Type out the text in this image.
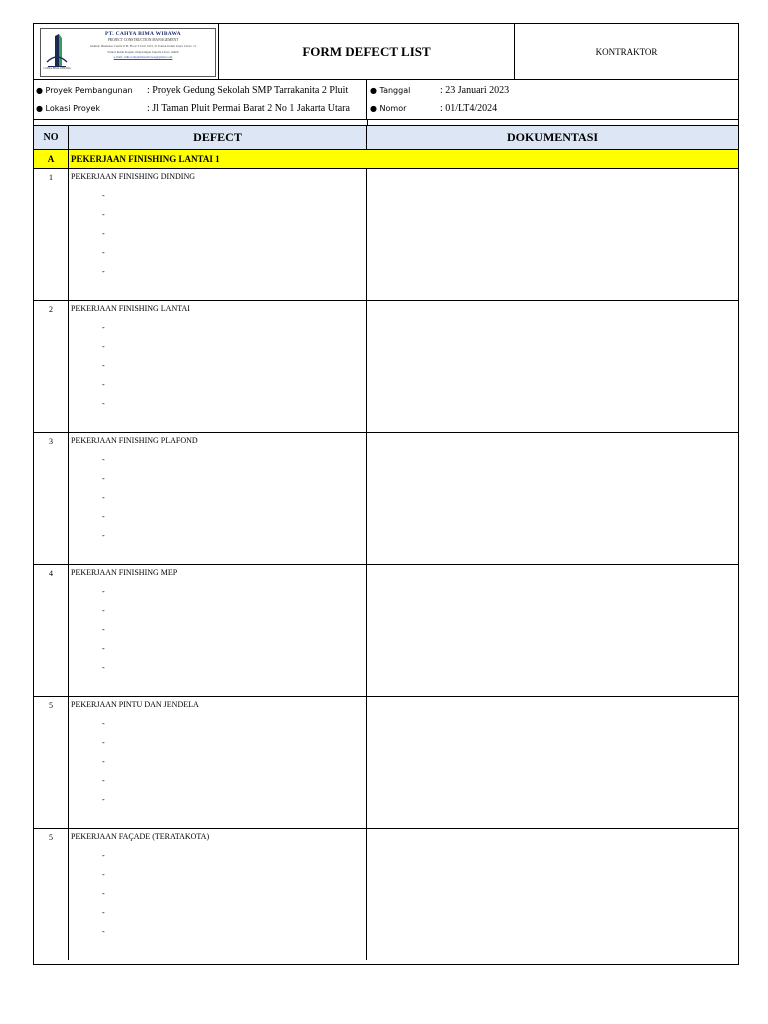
CAHYA BIMA WIBAWA
PT. CAHYA BIMA WIBAWA
PROJECT CONSTRUCTION MANAGEMENT
Alamat: Business Centre 6 B, Floor 3 Unit 3-03, Jl. Pantai Indah Utara 2 Kav. 11
Pantai Indah Kapuk, Penjaringan Jakarta Utara 14460
e-mail: ridhocahyabimawibawa@gmail.com	FORM DEFECT LIST	KONTRAKTOR
● Proyek Pembangunan : Proyek Gedung Sekolah SMP Tarrakanita 2 Pluit
● Lokasi Proyek	: Jl Taman Pluit Permai Barat 2 No 1 Jakarta Utara
● Tanggal	: 23 Januari 2023
● Nomor	: 01/LT4/2024
NO	DEFECT	DOKUMENTASI
A	PEKERJAAN FINISHING LANTAI 1
1	PEKERJAAN FINISHING DINDING
-
-
-
-
-
2	PEKERJAAN FINISHING LANTAI
-
-
-
-
-
3	PEKERJAAN FINISHING PLAFOND
-
-
-
-
-
4	PEKERJAAN FINISHING MEP
-
-
-
-
-
5	PEKERJAAN PINTU DAN JENDELA
-
-
-
-
-
5	PEKERJAAN FAÇADE (TERATAKOTA)
-
-
-
-
-
